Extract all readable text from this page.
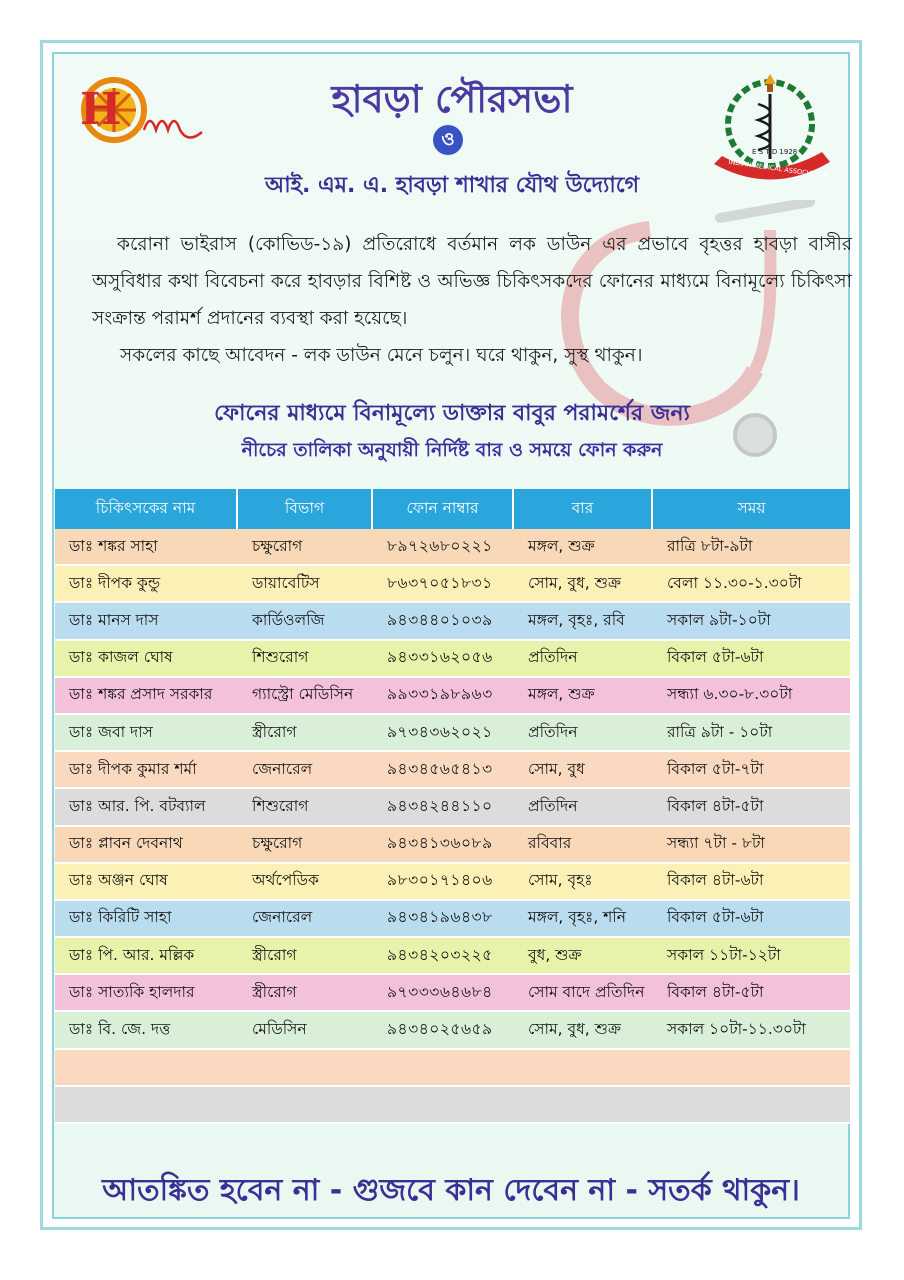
H
E S T D 1928
INDIAN MEDICAL ASSOCIATION
হাবড়া পৌরসভা
ও
আই. এম. এ. হাবড়া শাখার যৌথ উদ্যোগে
করোনা ভাইরাস (কোভিড-১৯) প্রতিরোধে বর্তমান লক ডাউন এর প্রভাবে বৃহত্তর হাবড়া বাসীর অসুবিধার কথা বিবেচনা করে হাবড়ার বিশিষ্ট ও অভিজ্ঞ চিকিৎসকদের ফোনের মাধ্যমে বিনামূল্যে চিকিৎসা সংক্রান্ত পরামর্শ প্রদানের ব্যবস্থা করা হয়েছে।
সকলের কাছে আবেদন - লক ডাউন মেনে চলুন। ঘরে থাকুন, সুস্থ থাকুন।
ফোনের মাধ্যমে বিনামূল্যে ডাক্তার বাবুর পরামর্শের জন্য
নীচের তালিকা অনুযায়ী নির্দিষ্ট বার ও সময়ে ফোন করুন
চিকিৎসকের নাম	বিভাগ	ফোন নাম্বার	বার	সময়
ডাঃ শঙ্কর সাহা	চক্ষুরোগ	৮৯৭২৬৮০২২১	মঙ্গল, শুক্র	রাত্রি ৮টা-৯টা
ডাঃ দীপক কুন্ডু	ডায়াবেটিস	৮৬৩৭০৫১৮৩১	সোম, বুধ, শুক্র	বেলা ১১.৩০-১.৩০টা
ডাঃ মানস দাস	কার্ডিওলজি	৯৪৩৪৪০১০৩৯	মঙ্গল, বৃহঃ, রবি	সকাল ৯টা-১০টা
ডাঃ কাজল ঘোষ	শিশুরোগ	৯৪৩৩১৬২০৫৬	প্রতিদিন	বিকাল ৫টা-৬টা
ডাঃ শঙ্কর প্রসাদ সরকার	গ্যাস্ট্রো মেডিসিন	৯৯৩৩১৯৮৯৬৩	মঙ্গল, শুক্র	সন্ধ্যা ৬.৩০-৮.৩০টা
ডাঃ জবা দাস	স্ত্রীরোগ	৯৭৩৪৩৬২০২১	প্রতিদিন	রাত্রি ৯টা - ১০টা
ডাঃ দীপক কুমার শর্মা	জেনারেল	৯৪৩৪৫৬৫৪১৩	সোম, বুধ	বিকাল ৫টা-৭টা
ডাঃ আর. পি. বটব্যাল	শিশুরোগ	৯৪৩৪২৪৪১১০	প্রতিদিন	বিকাল ৪টা-৫টা
ডাঃ প্লাবন দেবনাথ	চক্ষুরোগ	৯৪৩৪১৩৬০৮৯	রবিবার	সন্ধ্যা ৭টা - ৮টা
ডাঃ অঞ্জন ঘোষ	অর্থপেডিক	৯৮৩০১৭১৪০৬	সোম, বৃহঃ	বিকাল ৪টা-৬টা
ডাঃ কিরিটি সাহা	জেনারেল	৯৪৩৪১৯৬৪৩৮	মঙ্গল, বৃহঃ, শনি	বিকাল ৫টা-৬টা
ডাঃ পি. আর. মল্লিক	স্ত্রীরোগ	৯৪৩৪২০৩২২৫	বুধ, শুক্র	সকাল ১১টা-১২টা
ডাঃ সাত্যকি হালদার	স্ত্রীরোগ	৯৭৩৩৩৬৪৬৮৪	সোম বাদে প্রতিদিন	বিকাল ৪টা-৫টা
ডাঃ বি. জে. দত্ত	মেডিসিন	৯৪৩৪০২৫৬৫৯	সোম, বুধ, শুক্র	সকাল ১০টা-১১.৩০টা
আতঙ্কিত হবেন না - গুজবে কান দেবেন না - সতর্ক থাকুন।
